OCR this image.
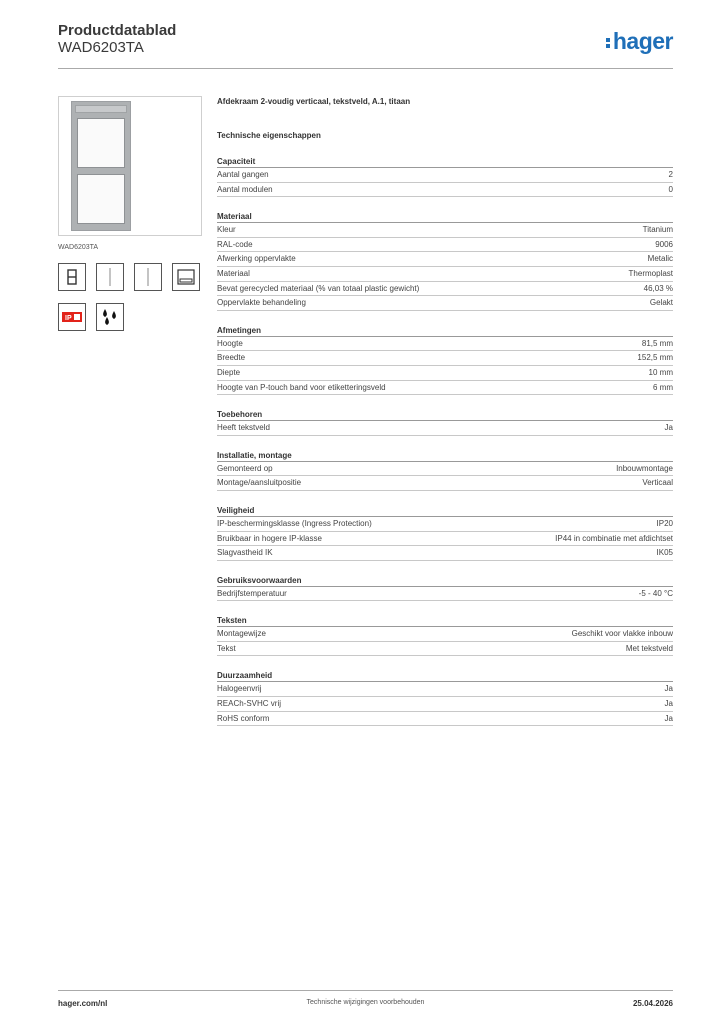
Productdatablad
WAD6203TA	hager
WAD6203TA
IP
Afdekraam 2-voudig verticaal, tekstveld, A.1, titaan
Technische eigenschappen
Capaciteit
Aantal gangen	2
Aantal modulen	0
Materiaal
Kleur	Titanium
RAL-code	9006
Afwerking oppervlakte	Metalic
Materiaal	Thermoplast
Bevat gerecycled materiaal (% van totaal plastic gewicht)	46,03 %
Oppervlakte behandeling	Gelakt
Afmetingen
Hoogte	81,5 mm
Breedte	152,5 mm
Diepte	10 mm
Hoogte van P-touch band voor etiketteringsveld	6 mm
Toebehoren
Heeft tekstveld	Ja
Installatie, montage
Gemonteerd op	Inbouwmontage
Montage/aansluitpositie	Verticaal
Veiligheid
IP-beschermingsklasse (Ingress Protection)	IP20
Bruikbaar in hogere IP-klasse	IP44 in combinatie met afdichtset
Slagvastheid IK	IK05
Gebruiksvoorwaarden
Bedrijfstemperatuur	-5 - 40 °C
Teksten
Montagewijze	Geschikt voor vlakke inbouw
Tekst	Met tekstveld
Duurzaamheid
Halogeenvrij	Ja
REACh-SVHC vrij	Ja
RoHS conform	Ja
hager.com/nl	Technische wijzigingen voorbehouden	25.04.2026
